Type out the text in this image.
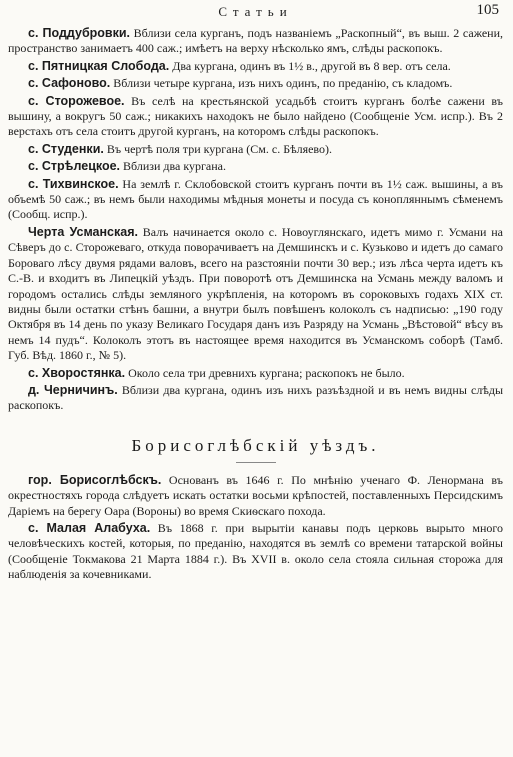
Статьи	105

с. Поддубровки. Вблизи села курганъ, подъ названіемъ „Раскопный“, въ выш. 2 сажени, пространство занимаетъ 400 саж.; имѣетъ на верху нѣсколько ямъ, слѣды раскопокъ.

с. Пятницкая Слобода. Два кургана, одинъ въ 1½ в., другой въ 8 вер. отъ села.

с. Сафоново. Вблизи четыре кургана, изъ нихъ одинъ, по преданію, съ кладомъ.

с. Сторожевое. Въ селѣ на крестьянской усадьбѣ стоитъ курганъ болѣе сажени въ вышину, а вокругъ 50 саж.; никакихъ находокъ не было найдено (Сообщеніе Усм. испр.). Въ 2 верстахъ отъ села стоитъ другой курганъ, на которомъ слѣды раскопокъ.

с. Студенки. Въ чертѣ поля три кургана (См. с. Бѣляево).

с. Стрѣлецкое. Вблизи два кургана.

с. Тихвинское. На землѣ г. Склобовской стоитъ курганъ почти въ 1½ саж. вышины, а въ объемѣ 50 саж.; въ немъ были находимы мѣдныя монеты и посуда съ конопляннымъ сѣменемъ (Сообщ. испр.).

Черта Усманская. Валъ начинается около с. Новоуглянскаго, идетъ мимо г. Усмани на Сѣверъ до с. Сторожеваго, откуда поворачиваетъ на Демшинскъ и с. Кузьково и идетъ до самаго Бороваго лѣсу двумя рядами валовъ, всего на разстояніи почти 30 вер.; изъ лѣса черта идетъ къ С.-В. и входитъ въ Липецкій уѣздъ. При поворотѣ отъ Демшинска на Усмань между валомъ и городомъ остались слѣды земляного укрѣпленія, на которомъ въ сороковыхъ годахъ XIX ст. видны были остатки стѣнъ башни, а внутри былъ повѣшенъ колоколъ съ надписью: „190 году Октября въ 14 день по указу Великаго Государя данъ изъ Разряду на Усмань „Вѣстовой“ вѣсу въ немъ 14 пудъ“. Колоколъ этотъ въ настоящее время находится въ Усманскомъ соборѣ (Тамб. Губ. Вѣд. 1860 г., № 5).

с. Хворостянка. Около села три древнихъ кургана; раскопокъ не было.

д. Черничинъ. Вблизи два кургана, одинъ изъ нихъ разъѣздной и въ немъ видны слѣды раскопокъ.

Борисоглѣбскій уѣздъ.

гор. Борисоглѣбскъ. Основанъ въ 1646 г. По мнѣнію ученаго Ф. Ленормана въ окрестностяхъ города слѣдуетъ искать остатки восьми крѣпостей, поставленныхъ Персидскимъ Даріемъ на берегу Оара (Вороны) во время Скиѳскаго похода.

с. Малая Алабуха. Въ 1868 г. при вырытіи канавы подъ церковь вырыто много человѣческихъ костей, которыя, по преданію, находятся въ землѣ со времени татарской войны (Сообщеніе Токмакова 21 Марта 1884 г.). Въ XVII в. около села стояла сильная сторожа для наблюденія за кочевниками.
